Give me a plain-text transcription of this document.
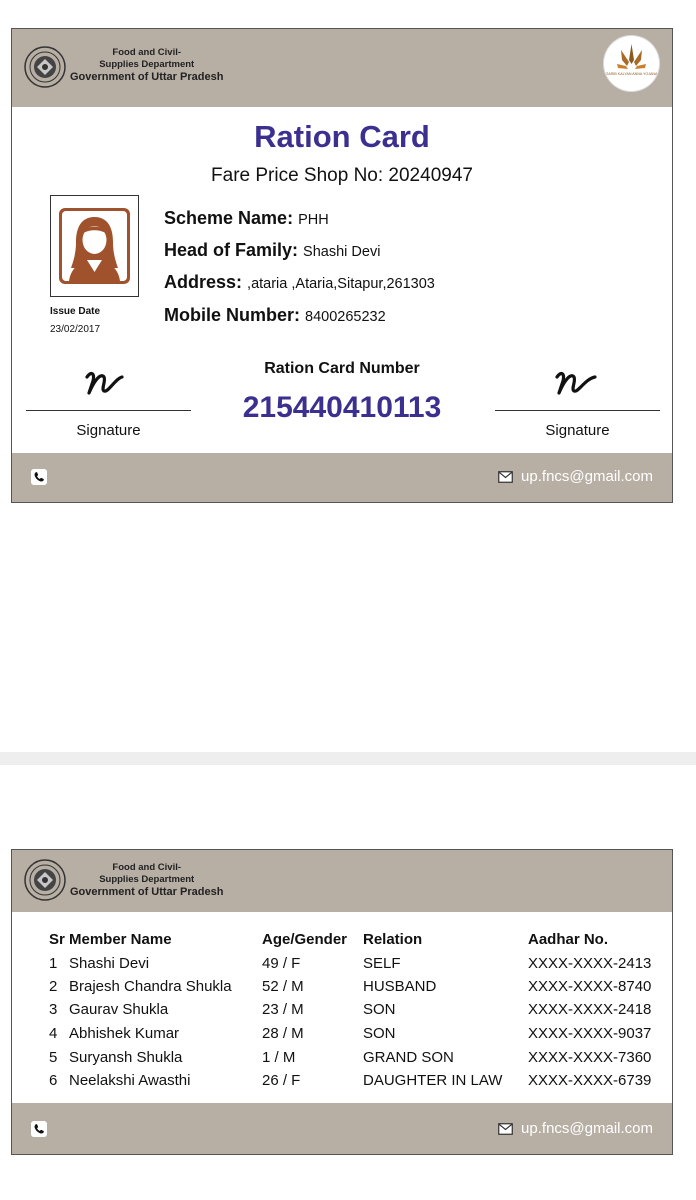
Food and Civil-
Supplies Department
Government of Uttar Pradesh	GARIB KALYAN ANNA YOJANA
Ration Card
Fare Price Shop No: 20240947
Issue Date
23/02/2017
Scheme Name: PHH
Head of Family: Shashi Devi
Address: ,ataria ,Ataria,Sitapur,261303
Mobile Number: 8400265232
Signature	Signature
Ration Card Number
215440410113
up.fncs@gmail.com
Food and Civil-
Supplies Department
Government of Uttar Pradesh
Sr Member Name	Age/Gender Relation	Aadhar No.
1 Shashi Devi	49 / F	SELF	XXXX-XXXX-2413
2 Brajesh Chandra Shukla 52 / M	HUSBAND	XXXX-XXXX-8740
3 Gaurav Shukla	23 / M	SON	XXXX-XXXX-2418
4 Abhishek Kumar	28 / M	SON	XXXX-XXXX-9037
5 Suryansh Shukla	1 / M	GRAND SON	XXXX-XXXX-7360
6 Neelakshi Awasthi	26 / F	DAUGHTER IN LAW XXXX-XXXX-6739
up.fncs@gmail.com
